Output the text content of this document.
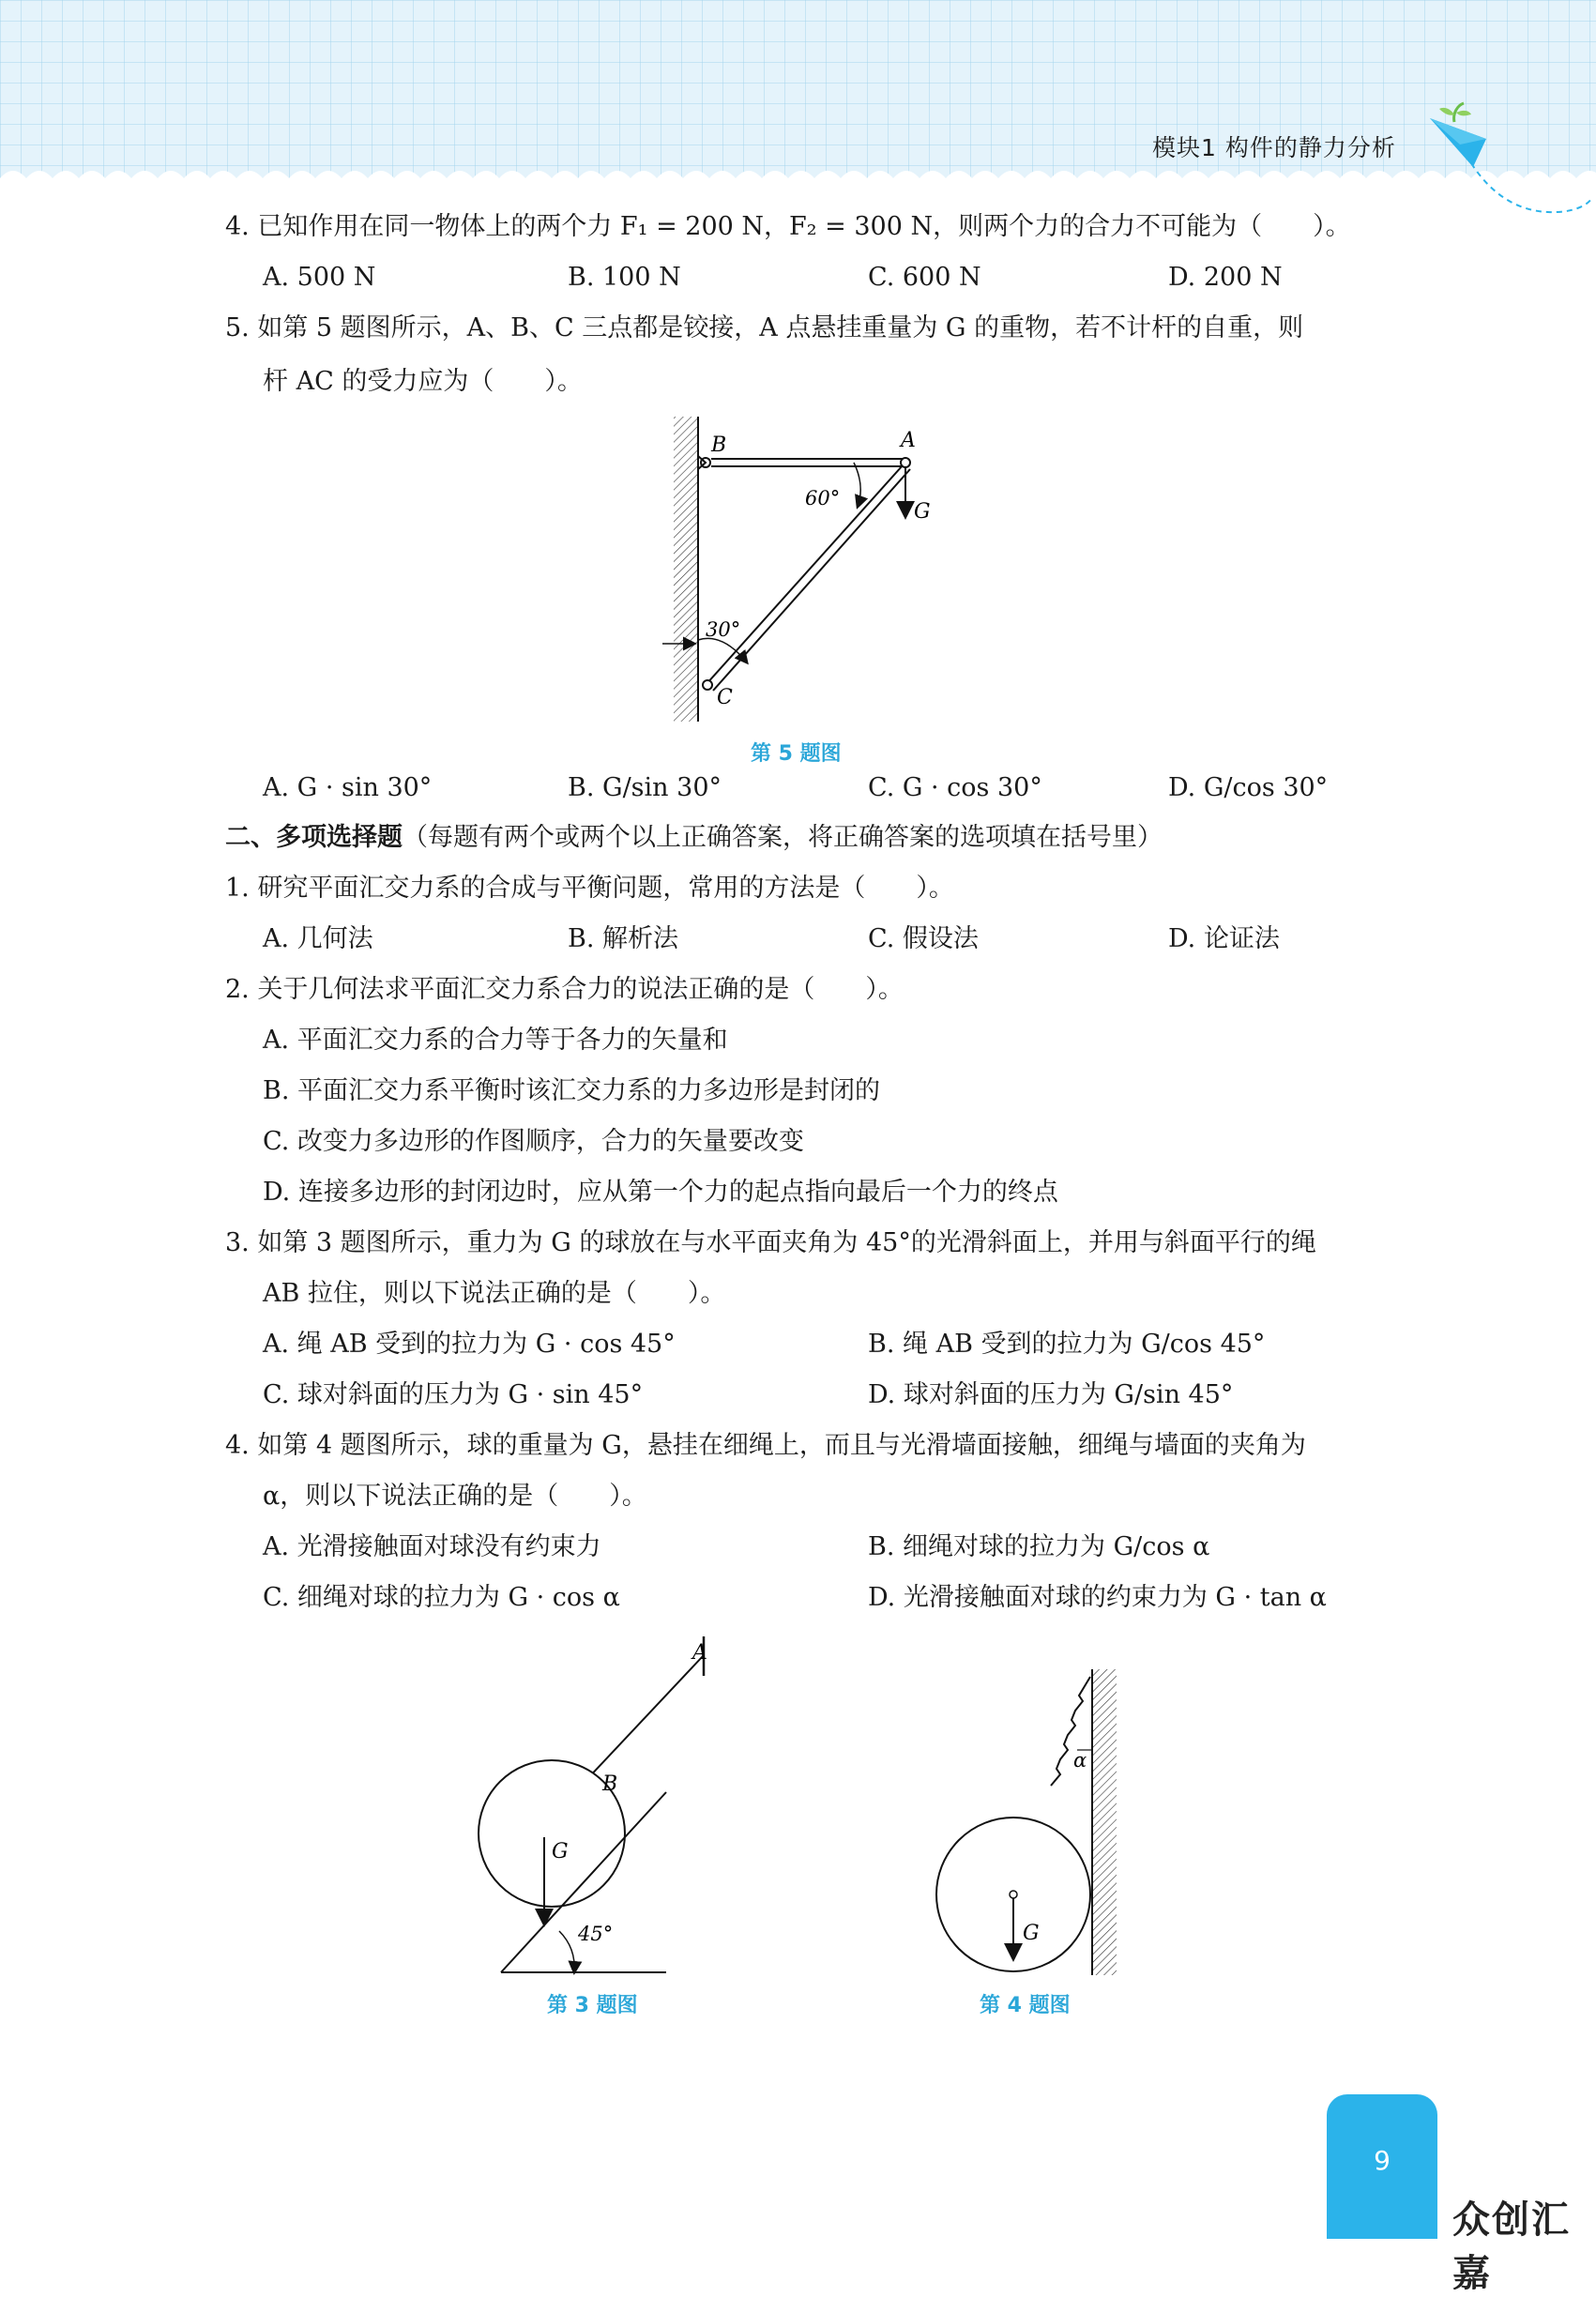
模块1 构件的静力分析
4. 已知作用在同一物体上的两个力 F₁ = 200 N，F₂ = 300 N，则两个力的合力不可能为（　　）。
A. 500 N	B. 100 N	C. 600 N	D. 200 N
5. 如第 5 题图所示，A、B、C 三点都是铰接，A 点悬挂重量为 G 的重物，若不计杆的自重，则
杆 AC 的受力应为（　　）。
B	A
G
60°
30°
C
第 5 题图
A. G · sin 30°	B. G/sin 30°	C. G · cos 30°	D. G/cos 30°
二、多项选择题（每题有两个或两个以上正确答案，将正确答案的选项填在括号里）
1. 研究平面汇交力系的合成与平衡问题，常用的方法是（　　）。
A. 几何法	B. 解析法	C. 假设法	D. 论证法
2. 关于几何法求平面汇交力系合力的说法正确的是（　　）。
A. 平面汇交力系的合力等于各力的矢量和
B. 平面汇交力系平衡时该汇交力系的力多边形是封闭的
C. 改变力多边形的作图顺序，合力的矢量要改变
D. 连接多边形的封闭边时，应从第一个力的起点指向最后一个力的终点
3. 如第 3 题图所示，重力为 G 的球放在与水平面夹角为 45°的光滑斜面上，并用与斜面平行的绳
AB 拉住，则以下说法正确的是（　　）。
A. 绳 AB 受到的拉力为 G · cos 45°	B. 绳 AB 受到的拉力为 G/cos 45°
C. 球对斜面的压力为 G · sin 45°	D. 球对斜面的压力为 G/sin 45°
4. 如第 4 题图所示，球的重量为 G，悬挂在细绳上，而且与光滑墙面接触，细绳与墙面的夹角为
α，则以下说法正确的是（　　）。
A. 光滑接触面对球没有约束力	B. 细绳对球的拉力为 G/cos α
C. 细绳对球的拉力为 G · cos α	D. 光滑接触面对球的约束力为 G · tan α
A
B
G
45°
第 3 题图
α
G
第 4 题图
9
众创汇嘉
